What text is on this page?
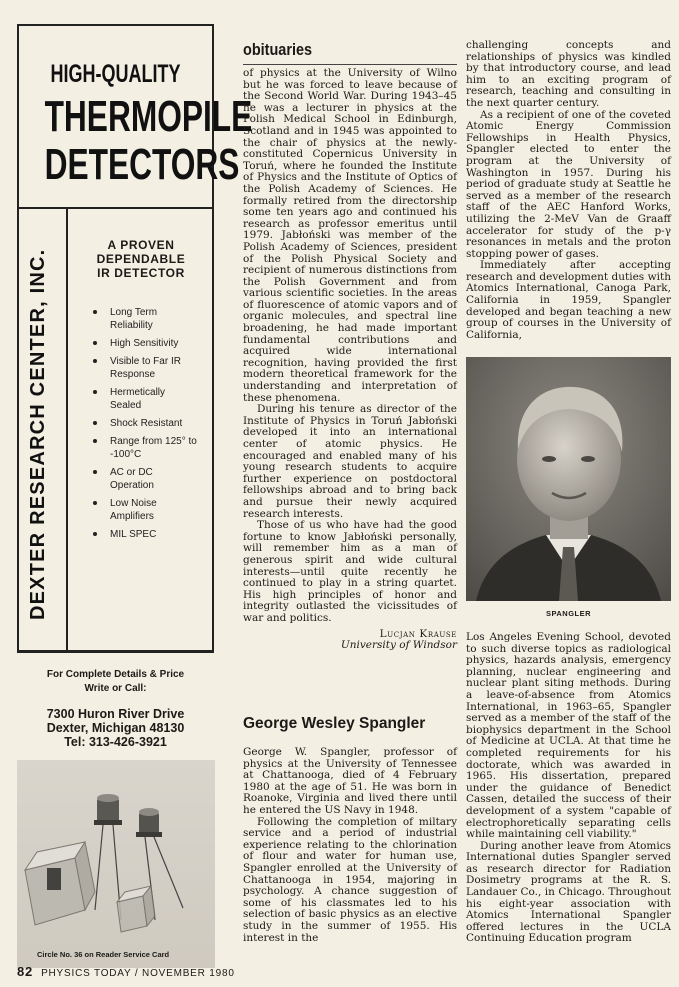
HIGH-QUALITY
THERMOPILE
DETECTORS
DEXTER RESEARCH CENTER, INC.
A PROVEN
DEPENDABLE
IR DETECTOR
Long Term Reliability
High Sensitivity
Visible to Far IR Response
Hermetically Sealed
Shock Resistant
Range from 125° to -100°C
AC or DC Operation
Low Noise Amplifiers
MIL SPEC
For Complete Details & Price
Write or Call:
7300 Huron River Drive
Dexter, Michigan 48130
Tel: 313-426-3921
Circle No. 36 on Reader Service Card
82 PHYSICS TODAY / NOVEMBER 1980
obituaries

of physics at the University of Wilno but he was forced to leave because of the Second World War. During 1943–45 he was a lecturer in physics at the Polish Medical School in Edinburgh, Scotland and in 1945 was appointed to the chair of physics at the newly-constituted Copernicus University in Toruń, where he founded the Institute of Physics and the Institute of Optics of the Polish Academy of Sciences. He formally retired from the directorship some ten years ago and continued his research as professor emeritus until 1979. Jabłoński was member of the Polish Academy of Sciences, president of the Polish Physical Society and recipient of numerous distinctions from the Polish Government and from various scientific societies. In the areas of fluorescence of atomic vapors and of organic molecules, and spectral line broadening, he had made important fundamental contributions and acquired wide international recognition, having provided the first modern theoretical framework for the understanding and interpretation of these phenomena.

During his tenure as director of the Institute of Physics in Toruń Jabłoński developed it into an international center of atomic physics. He encouraged and enabled many of his young research students to acquire further experience on postdoctoral fellowships abroad and to bring back and pursue their newly acquired research interests.

Those of us who have had the good fortune to know Jabłoński personally, will remember him as a man of generous spirit and wide cultural interests—until quite recently he continued to play in a string quartet. His high principles of honor and integrity outlasted the vicissitudes of war and politics.

Lucjan Krause
University of Windsor
George Wesley Spangler

George W. Spangler, professor of physics at the University of Tennessee at Chattanooga, died of 4 February 1980 at the age of 51. He was born in Roanoke, Virginia and lived there until he entered the US Navy in 1948.

Following the completion of miltary service and a period of industrial experience relating to the chlorination of flour and water for human use, Spangler enrolled at the University of Chattanooga in 1954, majoring in psychology. A chance suggestion of some of his classmates led to his selection of basic physics as an elective study in the summer of 1955. His interest in the

challenging concepts and relationships of physics was kindled by that introductory course, and lead him to an exciting program of research, teaching and consulting in the next quarter century.

As a recipient of one of the coveted Atomic Energy Commission Fellowships in Health Physics, Spangler elected to enter the program at the University of Washington in 1957. During his period of graduate study at Seattle he served as a member of the research staff of the AEC Hanford Works, utilizing the 2-MeV Van de Graaff accelerator for study of the p-γ resonances in metals and the proton stopping power of gases.

Immediately after accepting research and development duties with Atomics International, Canoga Park, California in 1959, Spangler developed and began teaching a new group of courses in the University of California,

SPANGLER

Los Angeles Evening School, devoted to such diverse topics as radiological physics, hazards analysis, emergency planning, nuclear engineering and nuclear plant siting methods. During a leave-of-absence from Atomics International, in 1963–65, Spangler served as a member of the staff of the biophysics department in the School of Medicine at UCLA. At that time he completed requirements for his doctorate, which was awarded in 1965. His dissertation, prepared under the guidance of Benedict Cassen, detailed the success of their development of a system "capable of electrophoretically separating cells while maintaining cell viability."

During another leave from Atomics International duties Spangler served as research director for Radiation Dosimetry programs at the R. S. Landauer Co., in Chicago. Throughout his eight-year association with Atomics International Spangler offered lectures in the UCLA Continuing Education program
